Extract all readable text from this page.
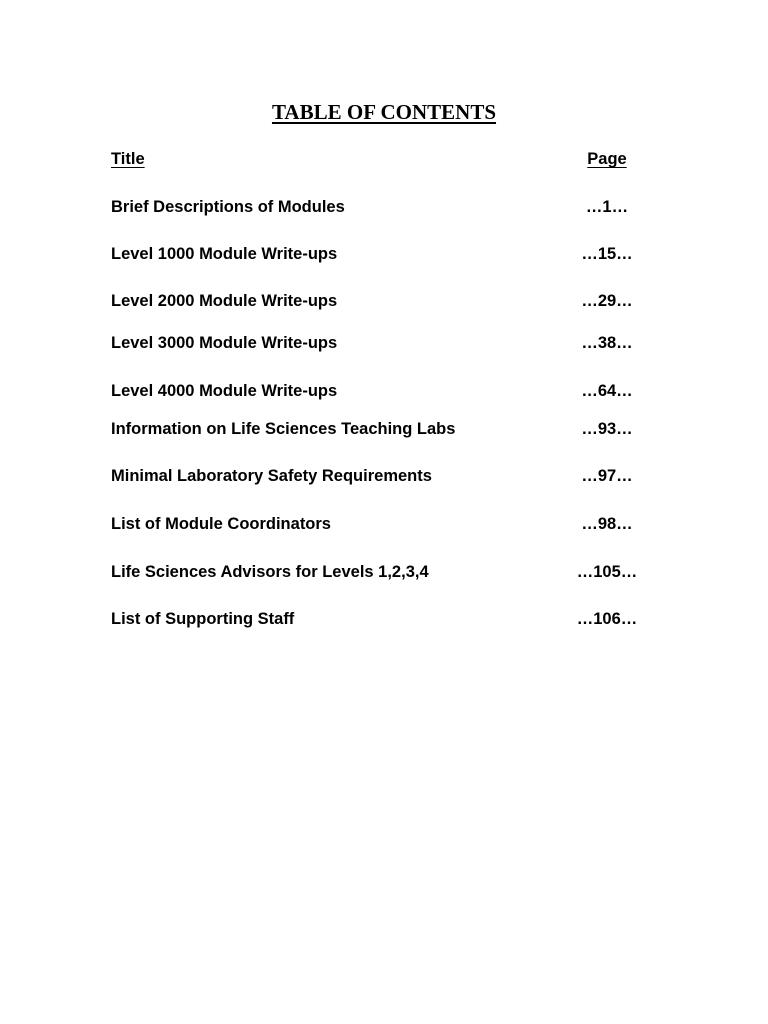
TABLE OF CONTENTS
Title	Page
Brief Descriptions of Modules	…1…
Level 1000 Module Write-ups	…15…
Level 2000 Module Write-ups	…29…
Level 3000 Module Write-ups	…38…
Level 4000 Module Write-ups	…64…
Information on Life Sciences Teaching Labs	…93…
Minimal Laboratory Safety Requirements	…97…
List of Module Coordinators	…98…
Life Sciences Advisors for Levels 1,2,3,4	…105…
List of Supporting Staff	…106…
